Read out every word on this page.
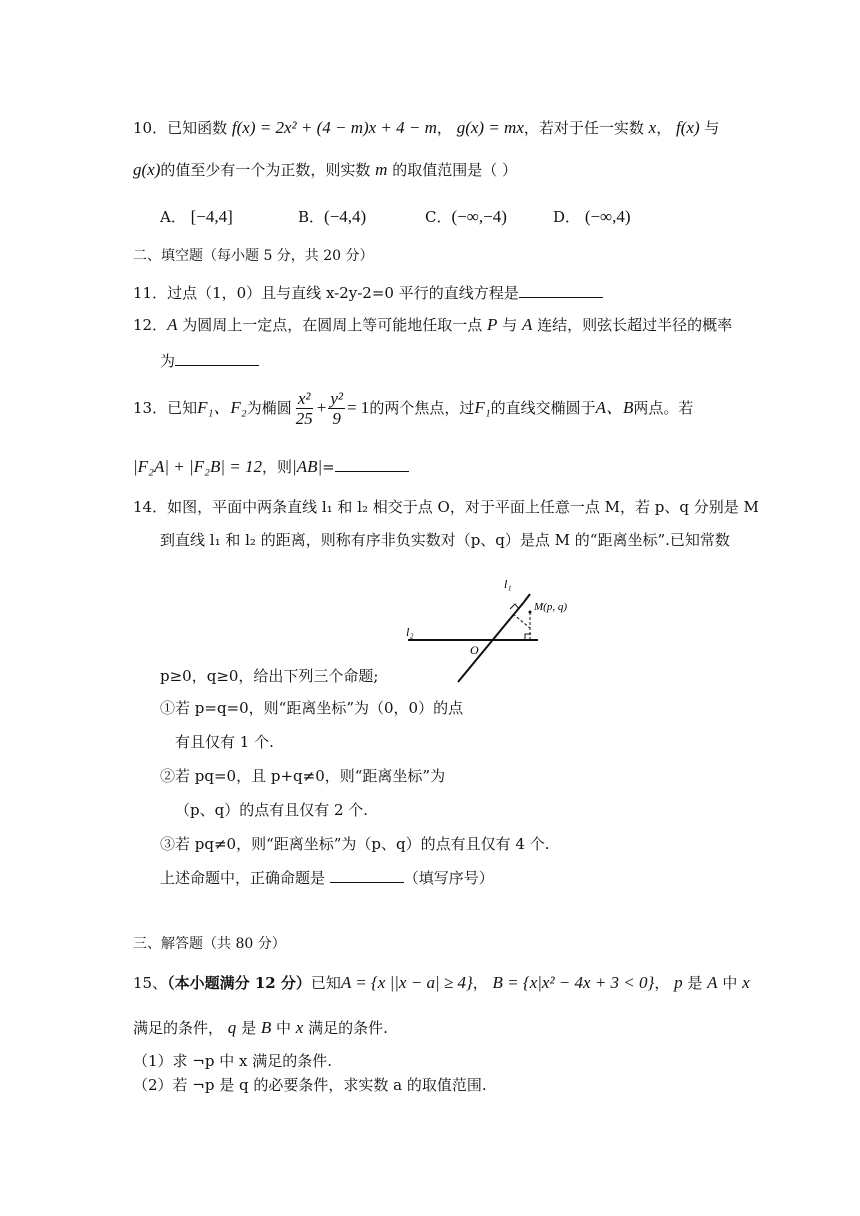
10．已知函数 f(x) = 2x² + (4 − m)x + 4 − m， g(x) = mx，若对于任一实数 x， f(x) 与
g(x)的值至少有一个为正数，则实数 m 的取值范围是（ ）
A． [−4,4]	B．(−4,4)	C．(−∞,−4)	D． (−∞,4)
二、填空题（每小题 5 分，共 20 分）
11．过点（1，0）且与直线 x-2y-2=0 平行的直线方程是
12．A 为圆周上一定点，在圆周上等可能地任取一点 P 与 A 连结，则弦长超过半径的概率
为
13．已知F₁、F₂为椭圆 $\frac{\text{x²}}{25} + \frac{\text{y²}}{9} = 1$的两个焦点，过F₁的直线交椭圆于A、B两点。若
|F₂A| + |F₂B| = 12，则|AB|=
14．如图，平面中两条直线 l₁ 和 l₂ 相交于点 O，对于平面上任意一点 M，若 p、q 分别是 M
到直线 l₁ 和 l₂ 的距离，则称有序非负实数对（p、q）是点 M 的“距离坐标”.已知常数
l₁
l₂
O
M(p, q)
p≥0，q≥0，给出下列三个命题;
①若 p=q=0，则“距离坐标”为（0，0）的点
有且仅有 1 个.
②若 pq=0，且 p+q≠0，则“距离坐标”为
（p、q）的点有且仅有 2 个.
③若 pq≠0，则“距离坐标”为（p、q）的点有且仅有 4 个.
上述命题中，正确命题是	（填写序号）
三、解答题（共 80 分）
15、（本小题满分 12 分）已知A = {x ||x − a| ≥ 4}， B = {x|x² − 4x + 3 < 0}， p 是 A 中 x
满足的条件， q 是 B 中 x 满足的条件.
（1）求 ¬p 中 x 满足的条件.
（2）若 ¬p 是 q 的必要条件，求实数 a 的取值范围.
